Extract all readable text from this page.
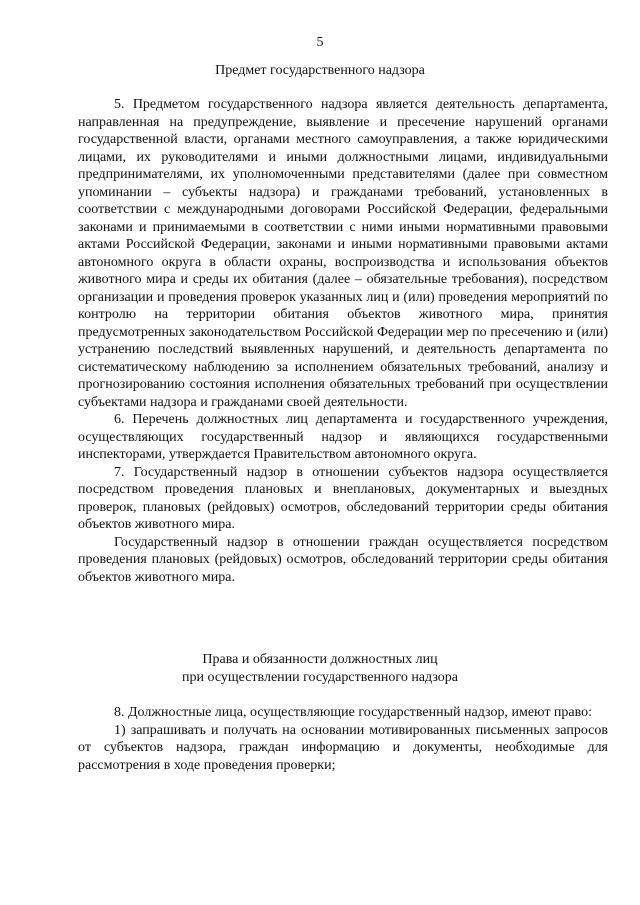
5
Предмет государственного надзора

5. Предметом государственного надзора является деятельность департамента, направленная на предупреждение, выявление и пресечение нарушений органами государственной власти, органами местного самоуправления, а также юридическими лицами, их руководителями и иными должностными лицами, индивидуальными предпринимателями, их уполномоченными представителями (далее при совместном упоминании – субъекты надзора) и гражданами требований, установленных в соответствии с международными договорами Российской Федерации, федеральными законами и принимаемыми в соответствии с ними иными нормативными правовыми актами Российской Федерации, законами и иными нормативными правовыми актами автономного округа в области охраны, воспроизводства и использования объектов животного мира и среды их обитания (далее – обязательные требования), посредством организации и проведения проверок указанных лиц и (или) проведения мероприятий по контролю на территории обитания объектов животного мира, принятия предусмотренных законодательством Российской Федерации мер по пресечению и (или) устранению последствий выявленных нарушений, и деятельность департамента по систематическому наблюдению за исполнением обязательных требований, анализу и прогнозированию состояния исполнения обязательных требований при осуществлении субъектами надзора и гражданами своей деятельности.

6. Перечень должностных лиц департамента и государственного учреждения, осуществляющих государственный надзор и являющихся государственными инспекторами, утверждается Правительством автономного округа.

7. Государственный надзор в отношении субъектов надзора осуществляется посредством проведения плановых и внеплановых, документарных и выездных проверок, плановых (рейдовых) осмотров, обследований территории среды обитания объектов животного мира.

Государственный надзор в отношении граждан осуществляется посредством проведения плановых (рейдовых) осмотров, обследований территории среды обитания объектов животного мира.

Права и обязанности должностных лиц
при осуществлении государственного надзора

8. Должностные лица, осуществляющие государственный надзор, имеют право:

1) запрашивать и получать на основании мотивированных письменных запросов от субъектов надзора, граждан информацию и документы, необходимые для рассмотрения в ходе проведения проверки;
